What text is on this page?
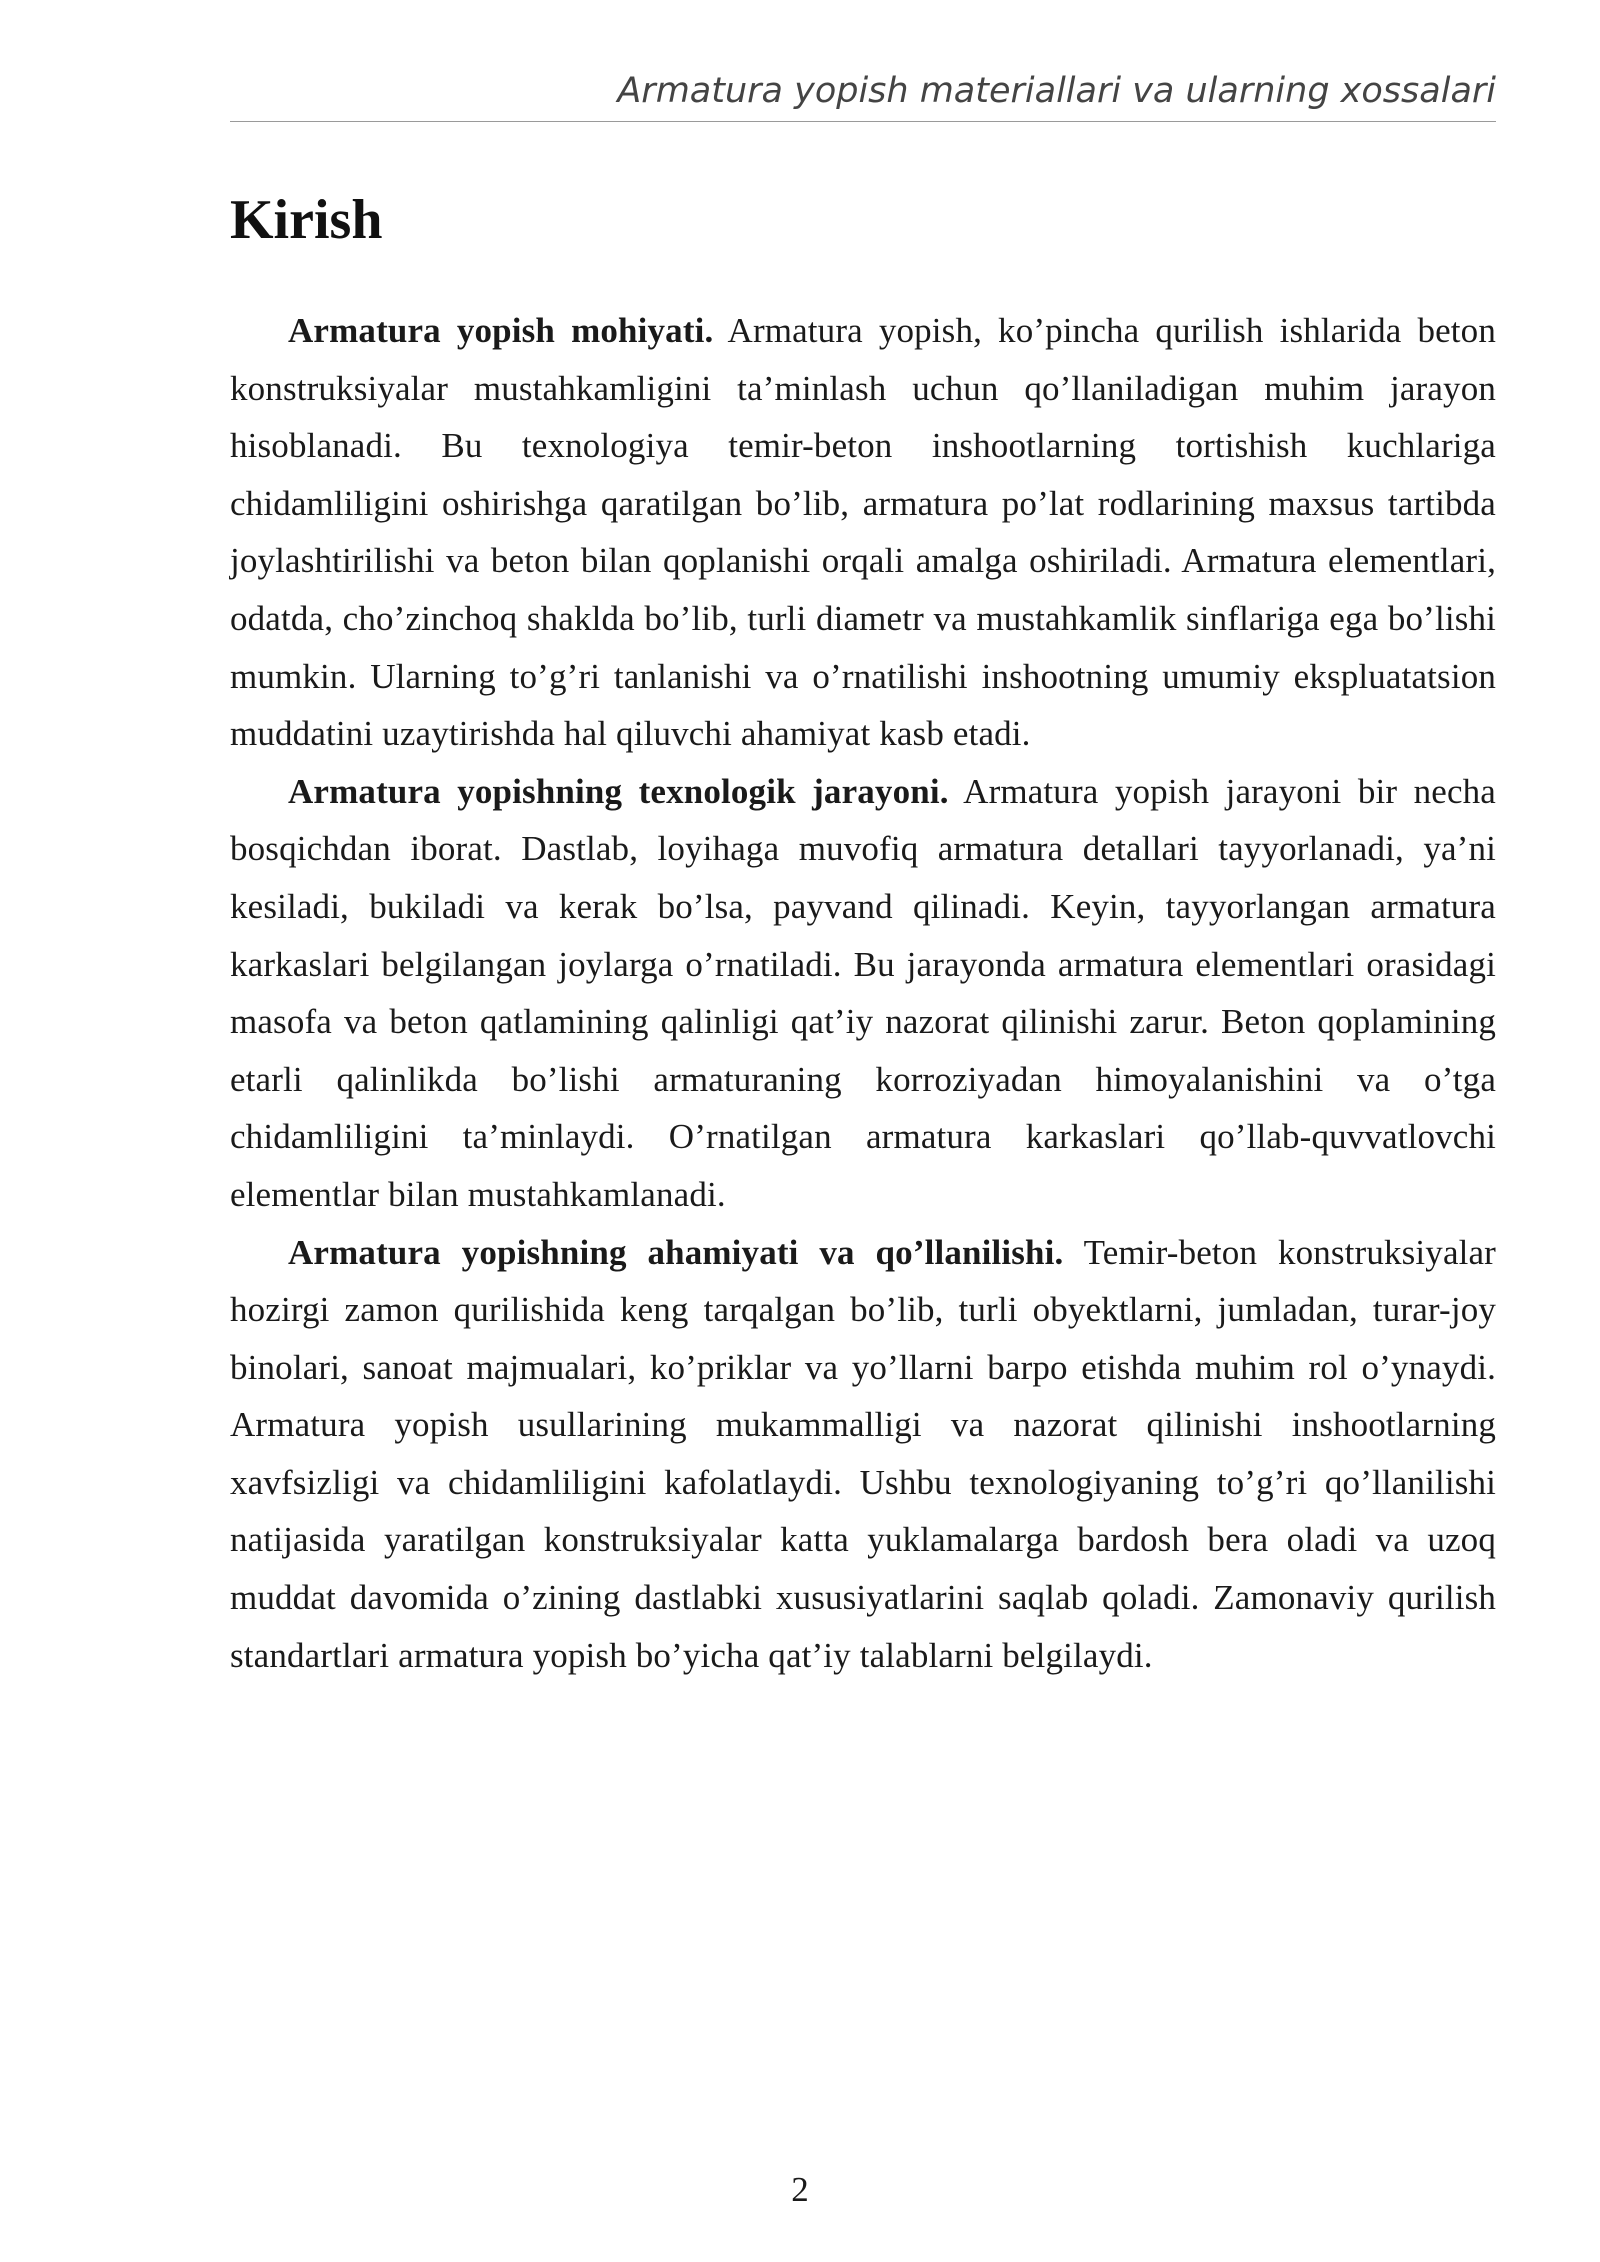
Armatura yopish materiallari va ularning xossalari
Kirish

Armatura yopish mohiyati. Armatura yopish, ko’pincha qurilish ishlarida beton konstruksiyalar mustahkamligini ta’minlash uchun qo’llaniladigan muhim jarayon hisoblanadi. Bu texnologiya temir-beton inshootlarning tortishish kuchlariga chidamliligini oshirishga qaratilgan bo’lib, armatura po’lat rodlarining maxsus tartibda joylashtirilishi va beton bilan qoplanishi orqali amalga oshiriladi. Armatura elementlari, odatda, cho’zinchoq shaklda bo’lib, turli diametr va mustahkamlik sinflariga ega bo’lishi mumkin. Ularning to’g’ri tanlanishi va o’rnatilishi inshootning umumiy ekspluatatsion muddatini uzaytirishda hal qiluvchi ahamiyat kasb etadi.

Armatura yopishning texnologik jarayoni. Armatura yopish jarayoni bir necha bosqichdan iborat. Dastlab, loyihaga muvofiq armatura detallari tayyorlanadi, ya’ni kesiladi, bukiladi va kerak bo’lsa, payvand qilinadi. Keyin, tayyorlangan armatura karkaslari belgilangan joylarga o’rnatiladi. Bu jarayonda armatura elementlari orasidagi masofa va beton qatlamining qalinligi qat’iy nazorat qilinishi zarur. Beton qoplamining etarli qalinlikda bo’lishi armaturaning korroziyadan himoyalanishini va o’tga chidamliligini ta’minlaydi. O’rnatilgan armatura karkaslari qo’llab-quvvatlovchi elementlar bilan mustahkamlanadi.

Armatura yopishning ahamiyati va qo’llanilishi. Temir-beton konstruksiyalar hozirgi zamon qurilishida keng tarqalgan bo’lib, turli obyektlarni, jumladan, turar-joy binolari, sanoat majmualari, ko’priklar va yo’llarni barpo etishda muhim rol o’ynaydi. Armatura yopish usullarining mukammalligi va nazorat qilinishi inshootlarning xavfsizligi va chidamliligini kafolatlaydi. Ushbu texnologiyaning to’g’ri qo’llanilishi natijasida yaratilgan konstruksiyalar katta yuklamalarga bardosh bera oladi va uzoq muddat davomida o’zining dastlabki xususiyatlarini saqlab qoladi. Zamonaviy qurilish standartlari armatura yopish bo’yicha qat’iy talablarni belgilaydi.

2
